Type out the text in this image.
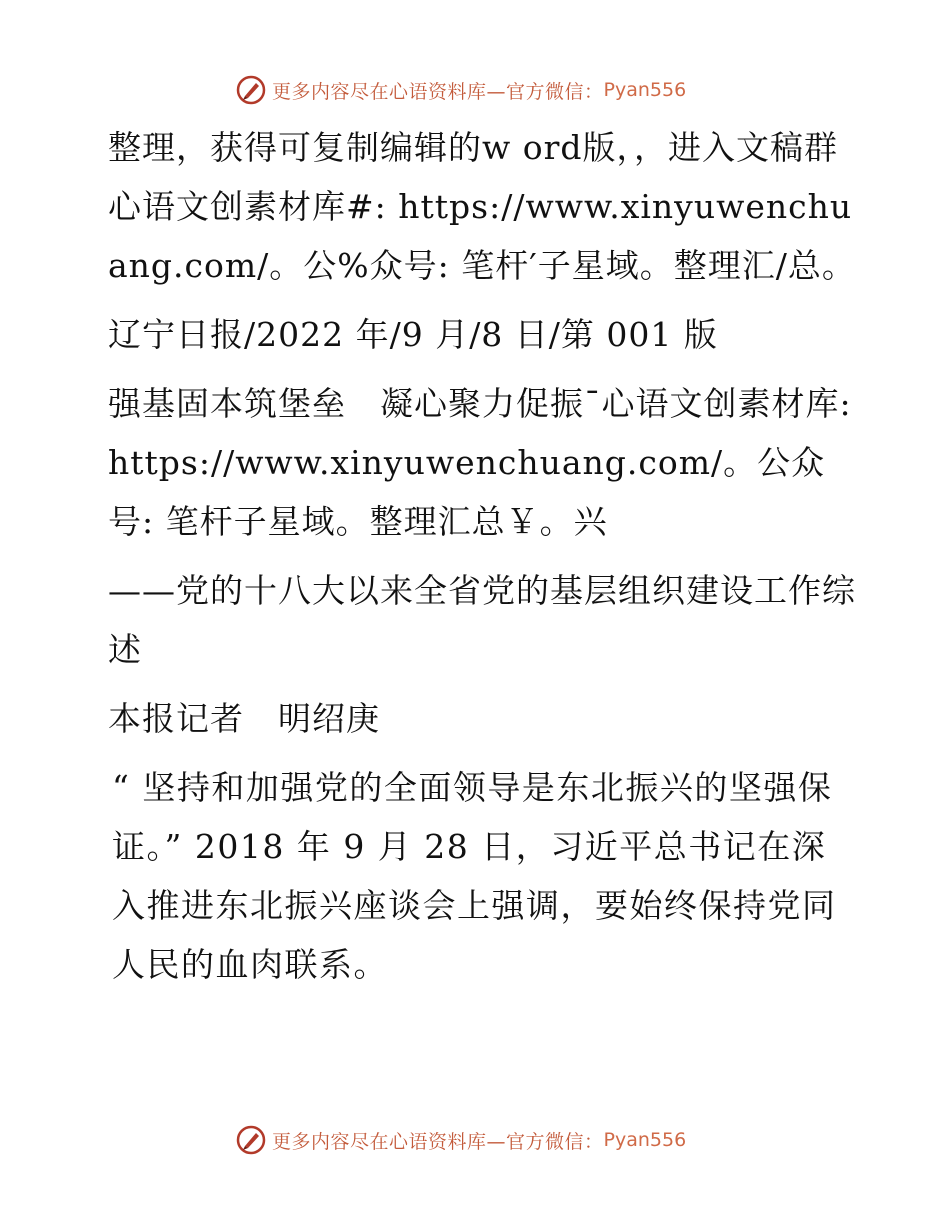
更多内容尽在心语资料库—官方微信： Pyan556

整理，获得可复制编辑的w ord版，，进入文稿群心语文创素材库#: https://www.xinyuwenchuang.com/。公%众号: 笔杆′子星域。整理汇/总。

辽宁日报/2022 年/9 月/8 日/第 001 版

强基固本筑堡垒　凝心聚力促振¯心语文创素材库: https://www.xinyuwenchuang.com/。公众号: 笔杆子星域。整理汇总￥。兴

——党的十八大以来全省党的基层组织建设工作综述

本报记者　明绍庚

“ 坚持和加强党的全面领导是东北振兴的坚强保证。” 2018 年 9 月 28 日，习近平总书记在深入推进东北振兴座谈会上强调，要始终保持党同人民的血肉联系。

更多内容尽在心语资料库—官方微信： Pyan556
